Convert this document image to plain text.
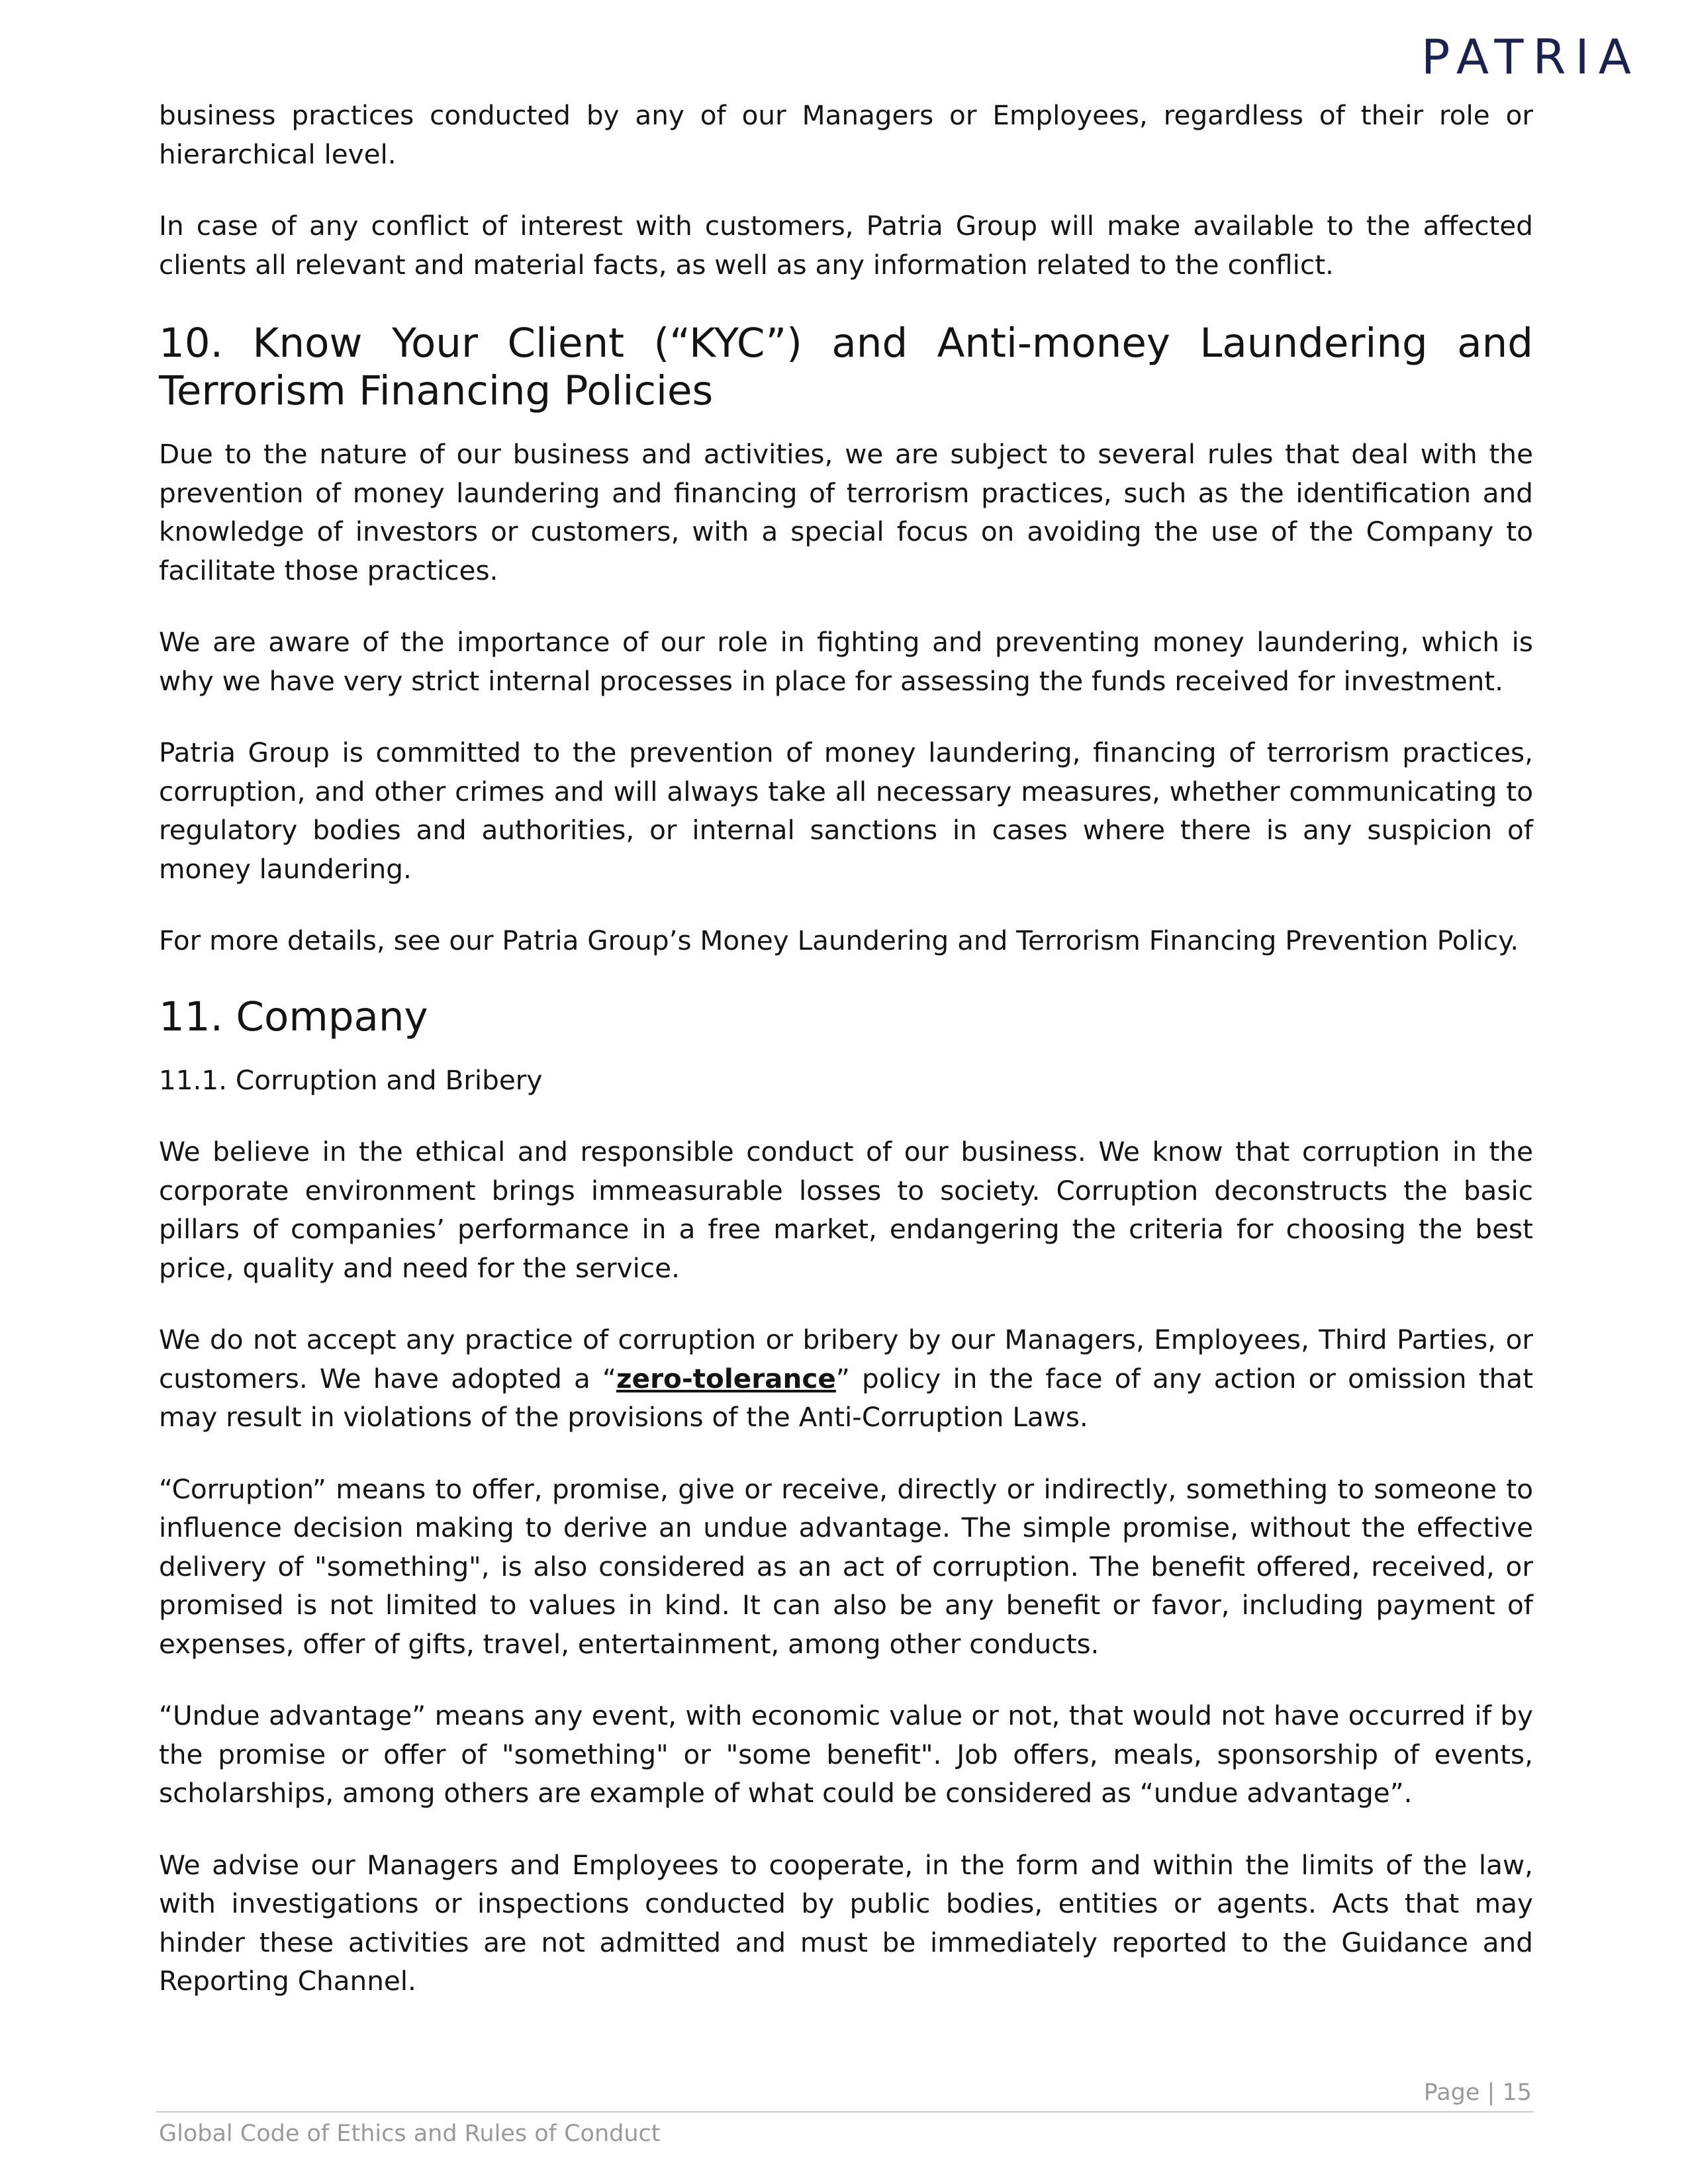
PATRIA

business practices conducted by any of our Managers or Employees, regardless of their role or hierarchical level.

In case of any conflict of interest with customers, Patria Group will make available to the affected clients all relevant and material facts, as well as any information related to the conflict.

10. Know Your Client (“KYC”) and Anti-money Laundering and Terrorism Financing Policies

Due to the nature of our business and activities, we are subject to several rules that deal with the prevention of money laundering and financing of terrorism practices, such as the identification and knowledge of investors or customers, with a special focus on avoiding the use of the Company to facilitate those practices.

We are aware of the importance of our role in fighting and preventing money laundering, which is why we have very strict internal processes in place for assessing the funds received for investment.

Patria Group is committed to the prevention of money laundering, financing of terrorism practices, corruption, and other crimes and will always take all necessary measures, whether communicating to regulatory bodies and authorities, or internal sanctions in cases where there is any suspicion of money laundering.

For more details, see our Patria Group’s Money Laundering and Terrorism Financing Prevention Policy.

11. Company
11.1. Corruption and Bribery

We believe in the ethical and responsible conduct of our business. We know that corruption in the corporate environment brings immeasurable losses to society. Corruption deconstructs the basic pillars of companies’ performance in a free market, endangering the criteria for choosing the best price, quality and need for the service.

We do not accept any practice of corruption or bribery by our Managers, Employees, Third Parties, or customers. We have adopted a “zero-tolerance” policy in the face of any action or omission that may result in violations of the provisions of the Anti-Corruption Laws.

“Corruption” means to offer, promise, give or receive, directly or indirectly, something to someone to influence decision making to derive an undue advantage. The simple promise, without the effective delivery of "something", is also considered as an act of corruption. The benefit offered, received, or promised is not limited to values in kind. It can also be any benefit or favor, including payment of expenses, offer of gifts, travel, entertainment, among other conducts.

“Undue advantage” means any event, with economic value or not, that would not have occurred if by the promise or offer of "something" or "some benefit". Job offers, meals, sponsorship of events, scholarships, among others are example of what could be considered as “undue advantage”.

We advise our Managers and Employees to cooperate, in the form and within the limits of the law, with investigations or inspections conducted by public bodies, entities or agents. Acts that may hinder these activities are not admitted and must be immediately reported to the Guidance and Reporting Channel.

Page | 15
Global Code of Ethics and Rules of Conduct
